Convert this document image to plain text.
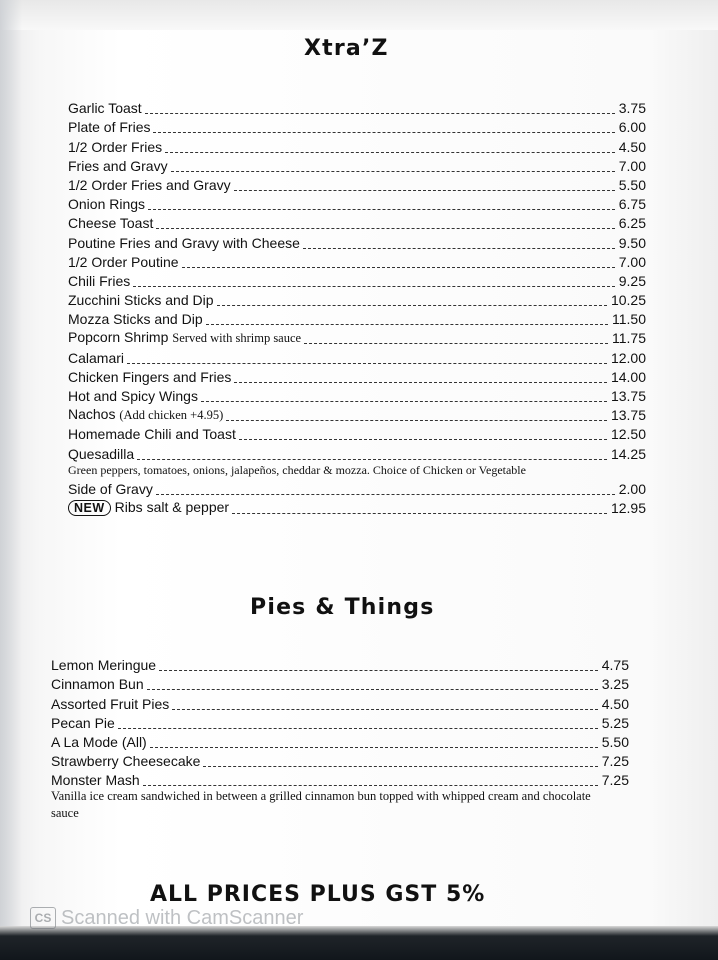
Xtra’Z
Garlic Toast	3.75
Plate of Fries	6.00
1/2 Order Fries	4.50
Fries and Gravy	7.00
1/2 Order Fries and Gravy	5.50
Onion Rings	6.75
Cheese Toast	6.25
Poutine Fries and Gravy with Cheese	9.50
1/2 Order Poutine	7.00
Chili Fries	9.25
Zucchini Sticks and Dip	10.25
Mozza Sticks and Dip	11.50
Popcorn Shrimp Served with shrimp sauce	11.75
Calamari	12.00
Chicken Fingers and Fries	14.00
Hot and Spicy Wings	13.75
Nachos (Add chicken +4.95)	13.75
Homemade Chili and Toast	12.50
Quesadilla	14.25
Green peppers, tomatoes, onions, jalapeños, cheddar & mozza. Choice of Chicken or Vegetable
Side of Gravy	2.00
NEW Ribs salt & pepper	12.95
Pies & Things
Lemon Meringue	4.75
Cinnamon Bun	3.25
Assorted Fruit Pies	4.50
Pecan Pie	5.25
A La Mode (All)	5.50
Strawberry Cheesecake	7.25
Monster Mash	7.25
Vanilla ice cream sandwiched in between a grilled cinnamon bun topped with whipped cream and chocolate sauce
ALL PRICES PLUS GST 5%
CS Scanned with CamScanner
